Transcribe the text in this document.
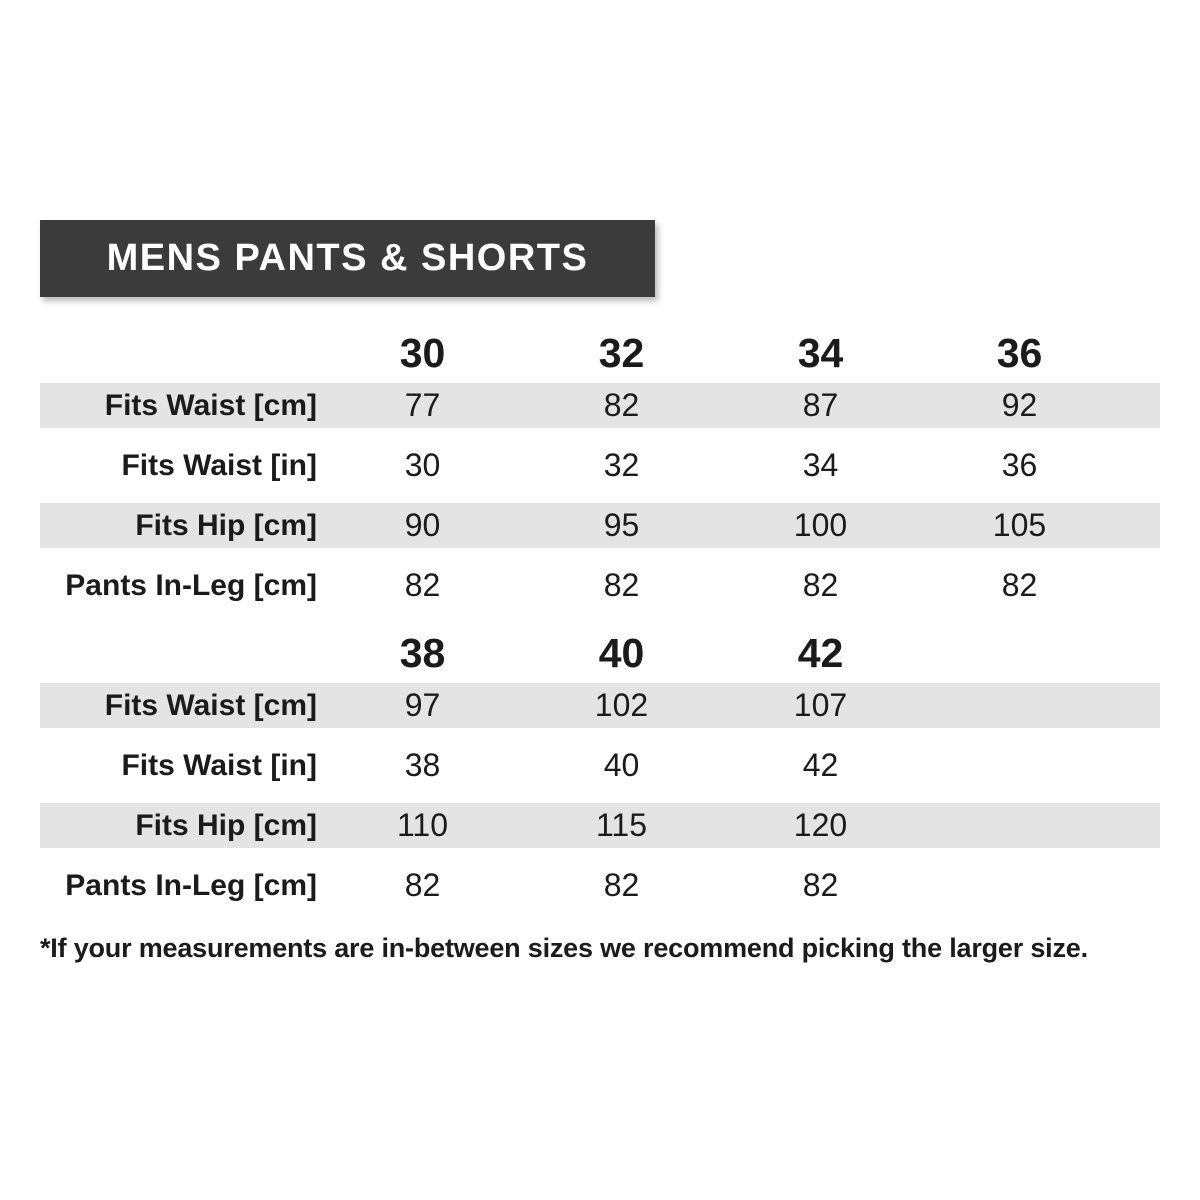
MENS PANTS & SHORTS
30	32	34	36
Fits Waist [cm]	77	82	87	92
Fits Waist [in]	30	32	34	36
Fits Hip [cm]	90	95	100	105
Pants In-Leg [cm]	82	82	82	82
38	40	42
Fits Waist [cm]	97	102	107
Fits Waist [in]	38	40	42
Fits Hip [cm]	110	115	120
Pants In-Leg [cm]	82	82	82
*If your measurements are in-between sizes we recommend picking the larger size.
